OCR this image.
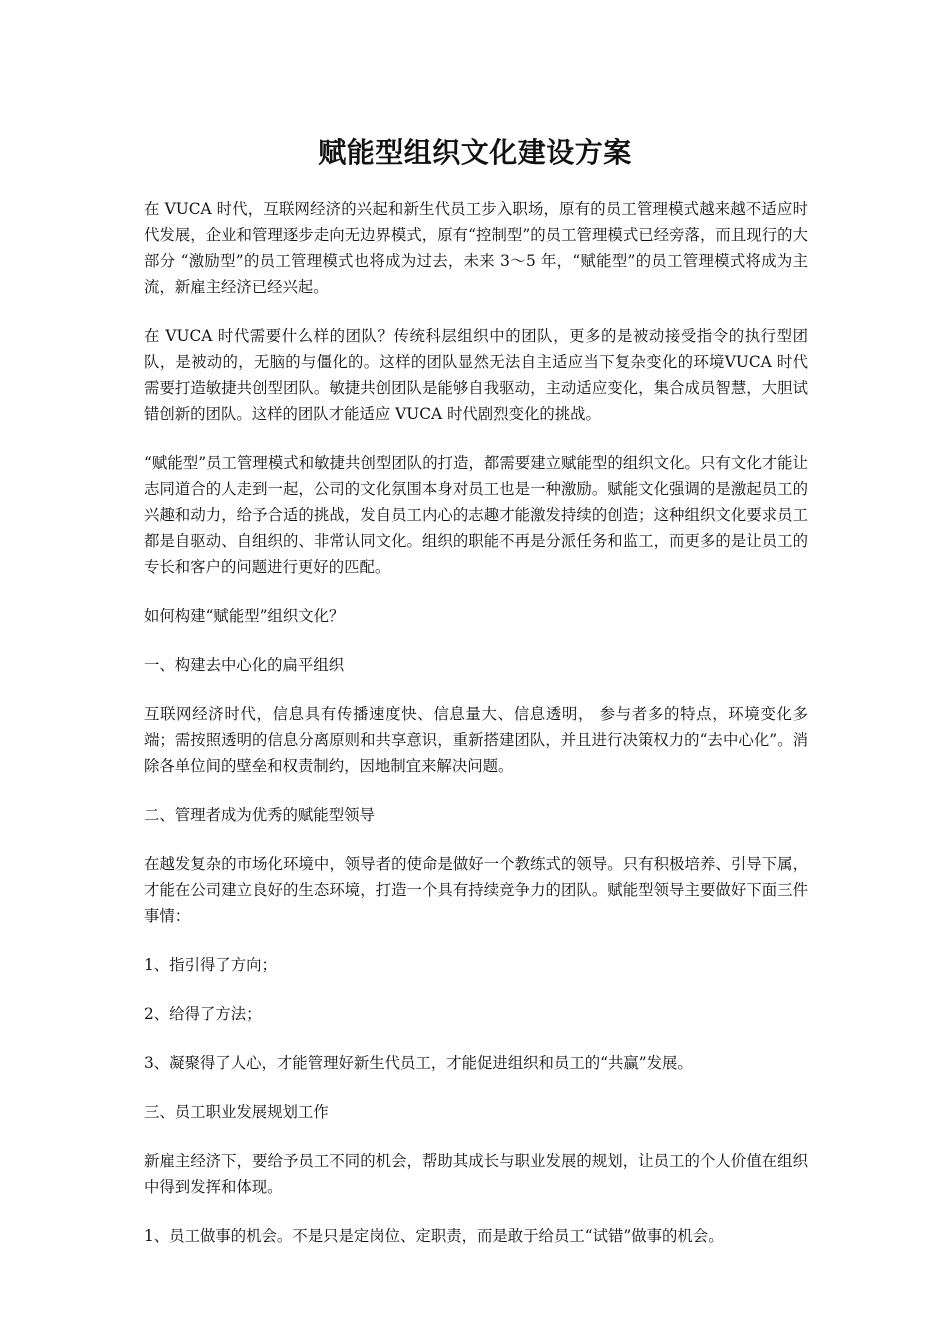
赋能型组织文化建设方案

在 VUCA 时代，互联网经济的兴起和新生代员工步入职场，原有的员工管理模式越来越不适应时代发展，企业和管理逐步走向无边界模式，原有“控制型”的员工管理模式已经旁落，而且现行的大部分 “激励型”的员工管理模式也将成为过去，未来 3～5 年，“赋能型”的员工管理模式将成为主流，新雇主经济已经兴起。

在 VUCA 时代需要什么样的团队？传统科层组织中的团队，更多的是被动接受指令的执行型团队，是被动的，无脑的与僵化的。这样的团队显然无法自主适应当下复杂变化的环境VUCA 时代需要打造敏捷共创型团队。敏捷共创团队是能够自我驱动，主动适应变化，集合成员智慧，大胆试错创新的团队。这样的团队才能适应 VUCA 时代剧烈变化的挑战。

“赋能型”员工管理模式和敏捷共创型团队的打造，都需要建立赋能型的组织文化。只有文化才能让志同道合的人走到一起，公司的文化氛围本身对员工也是一种激励。赋能文化强调的是激起员工的兴趣和动力，给予合适的挑战，发自员工内心的志趣才能激发持续的创造；这种组织文化要求员工都是自驱动、自组织的、非常认同文化。组织的职能不再是分派任务和监工，而更多的是让员工的专长和客户的问题进行更好的匹配。

如何构建“赋能型”组织文化？

一、构建去中心化的扁平组织

互联网经济时代，信息具有传播速度快、信息量大、信息透明， 参与者多的特点，环境变化多端；需按照透明的信息分离原则和共享意识，重新搭建团队，并且进行决策权力的“去中心化”。消除各单位间的壁垒和权责制约，因地制宜来解决问题。

二、管理者成为优秀的赋能型领导

在越发复杂的市场化环境中，领导者的使命是做好一个教练式的领导。只有积极培养、引导下属，才能在公司建立良好的生态环境，打造一个具有持续竞争力的团队。赋能型领导主要做好下面三件事情：

1、指引得了方向；

2、给得了方法；

3、凝聚得了人心，才能管理好新生代员工，才能促进组织和员工的“共赢”发展。

三、员工职业发展规划工作

新雇主经济下，要给予员工不同的机会，帮助其成长与职业发展的规划，让员工的个人价值在组织中得到发挥和体现。

1、员工做事的机会。不是只是定岗位、定职责，而是敢于给员工“试错”做事的机会。
